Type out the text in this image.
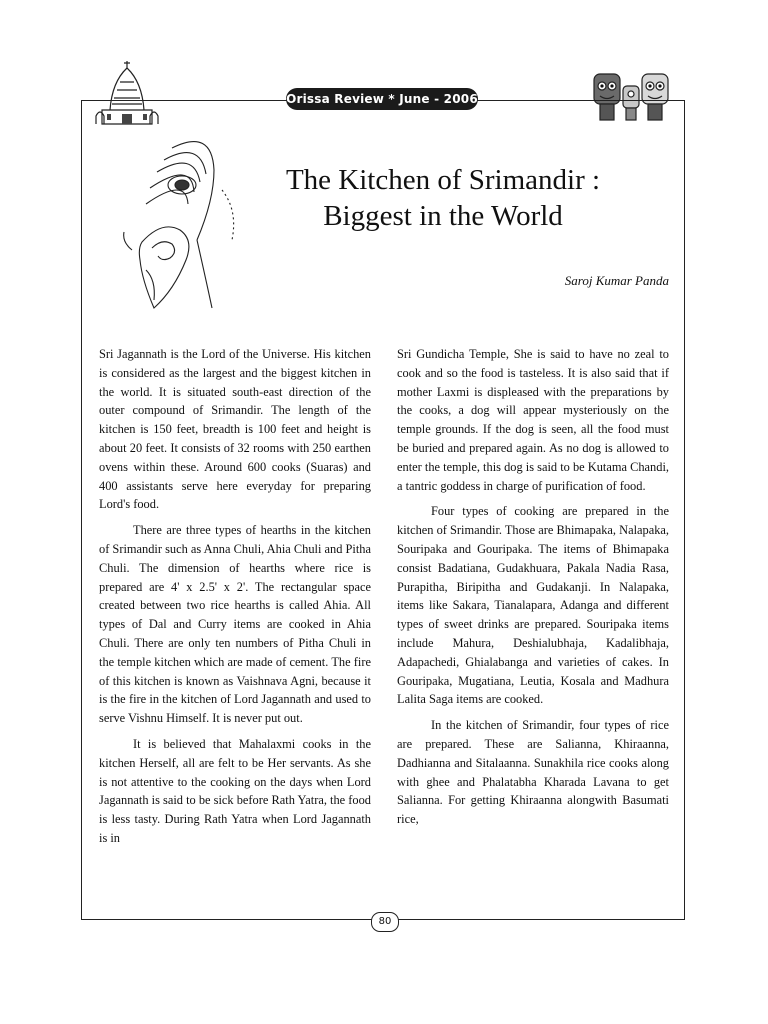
Orissa Review * June - 2006
The Kitchen of Srimandir :
Biggest in the World
Saroj Kumar Panda

Sri Jagannath is the Lord of the Universe. His kitchen is considered as the largest and the biggest kitchen in the world. It is situated south-east direction of the outer compound of Srimandir. The length of the kitchen is 150 feet, breadth is 100 feet and height is about 20 feet. It consists of 32 rooms with 250 earthen ovens within these. Around 600 cooks (Suaras) and 400 assistants serve here everyday for preparing Lord's food.

There are three types of hearths in the kitchen of Srimandir such as Anna Chuli, Ahia Chuli and Pitha Chuli. The dimension of hearths where rice is prepared are 4' x 2.5' x 2'. The rectangular space created between two rice hearths is called Ahia. All types of Dal and Curry items are cooked in Ahia Chuli. There are only ten numbers of Pitha Chuli in the temple kitchen which are made of cement. The fire of this kitchen is known as Vaishnava Agni, because it is the fire in the kitchen of Lord Jagannath and used to serve Vishnu Himself. It is never put out.

It is believed that Mahalaxmi cooks in the kitchen Herself, all are felt to be Her servants. As she is not attentive to the cooking on the days when Lord Jagannath is said to be sick before Rath Yatra, the food is less tasty. During Rath Yatra when Lord Jagannath is in

Sri Gundicha Temple, She is said to have no zeal to cook and so the food is tasteless. It is also said that if mother Laxmi is displeased with the preparations by the cooks, a dog will appear mysteriously on the temple grounds. If the dog is seen, all the food must be buried and prepared again. As no dog is allowed to enter the temple, this dog is said to be Kutama Chandi, a tantric goddess in charge of purification of food.

Four types of cooking are prepared in the kitchen of Srimandir. Those are Bhimapaka, Nalapaka, Souripaka and Gouripaka. The items of Bhimapaka consist Badatiana, Gudakhuara, Pakala Nadia Rasa, Purapitha, Biripitha and Gudakanji. In Nalapaka, items like Sakara, Tianalapara, Adanga and different types of sweet drinks are prepared. Souripaka items include Mahura, Deshialubhaja, Kadalibhaja, Adapachedi, Ghialabanga and varieties of cakes. In Gouripaka, Mugatiana, Leutia, Kosala and Madhura Lalita Saga items are cooked.

In the kitchen of Srimandir, four types of rice are prepared. These are Salianna, Khiraanna, Dadhianna and Sitalaanna. Sunakhila rice cooks along with ghee and Phalatabha Kharada Lavana to get Salianna. For getting Khiraanna alongwith Basumati rice,

80
